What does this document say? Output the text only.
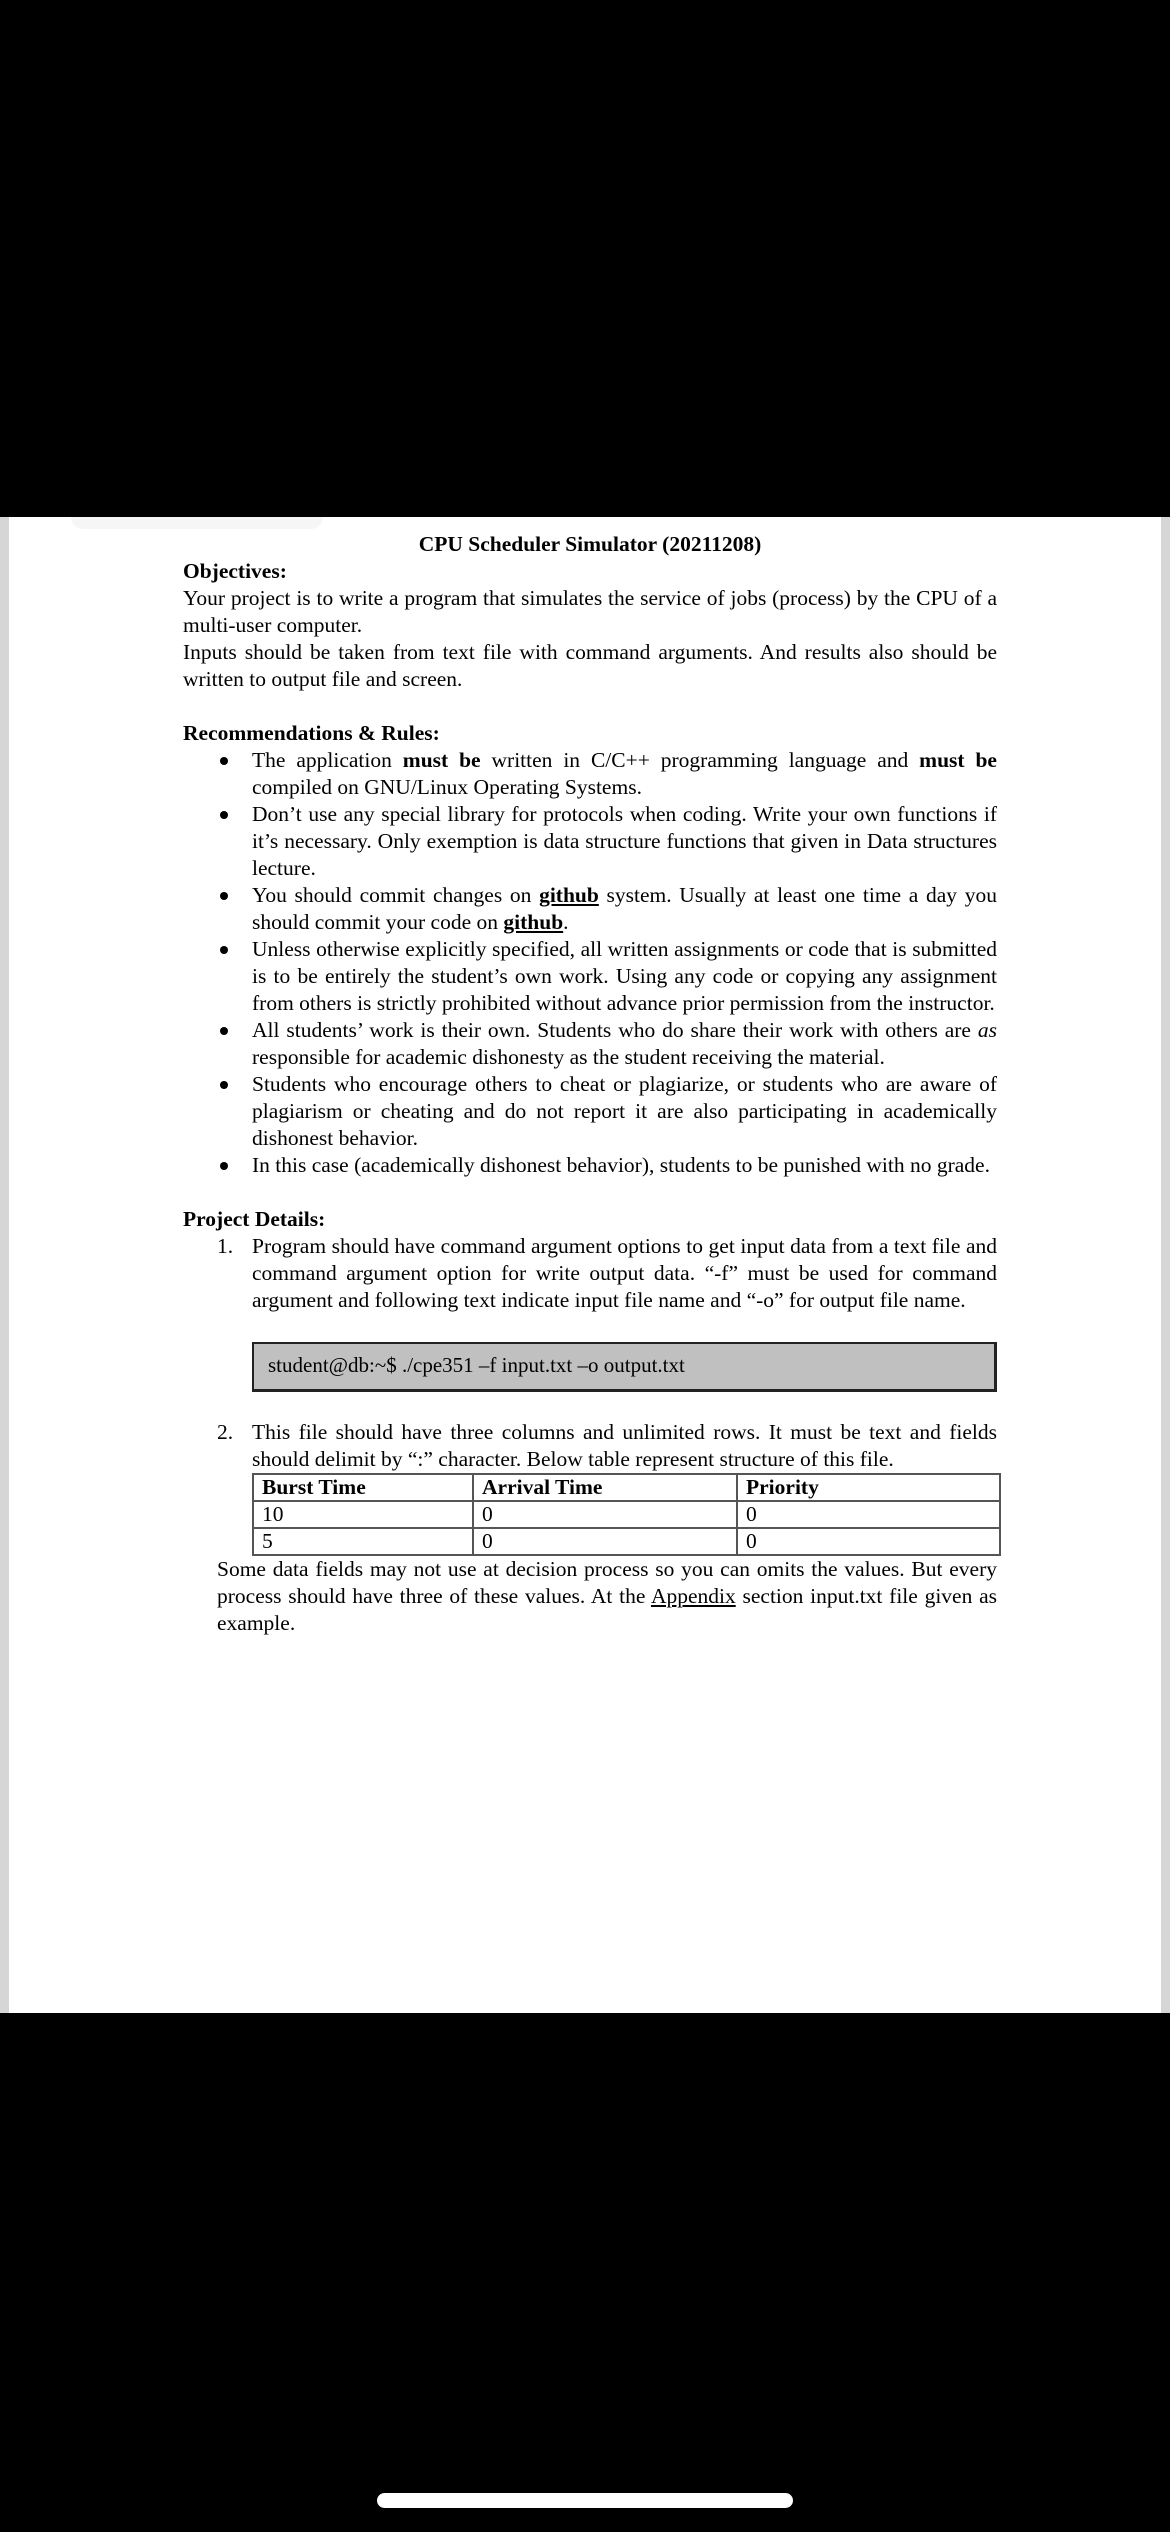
CPU Scheduler Simulator (20211208)
Objectives:

Your project is to write a program that simulates the service of jobs (process) by the CPU of a multi-user computer.

Inputs should be taken from text file with command arguments. And results also should be written to output file and screen.

Recommendations & Rules:
The application must be written in C/C++ programming language and must be compiled on GNU/Linux Operating Systems.
Don’t use any special library for protocols when coding. Write your own functions if it’s necessary. Only exemption is data structure functions that given in Data structures lecture.
You should commit changes on github system. Usually at least one time a day you should commit your code on github.
Unless otherwise explicitly specified, all written assignments or code that is submitted is to be entirely the student’s own work. Using any code or copying any assignment from others is strictly prohibited without advance prior permission from the instructor.
All students’ work is their own. Students who do share their work with others are as responsible for academic dishonesty as the student receiving the material.
Students who encourage others to cheat or plagiarize, or students who are aware of plagiarism or cheating and do not report it are also participating in academically dishonest behavior.
In this case (academically dishonest behavior), students to be punished with no grade.
Project Details:
1. Program should have command argument options to get input data from a text file and command argument option for write output data. “-f” must be used for command argument and following text indicate input file name and “-o” for output file name.
student@db:~$ ./cpe351 –f input.txt –o output.txt
2. This file should have three columns and unlimited rows. It must be text and fields should delimit by “:” character. Below table represent structure of this file.
Burst Time	Arrival Time	Priority
10	0	0
5	0	0

Some data fields may not use at decision process so you can omits the values. But every process should have three of these values. At the Appendix section input.txt file given as example.
